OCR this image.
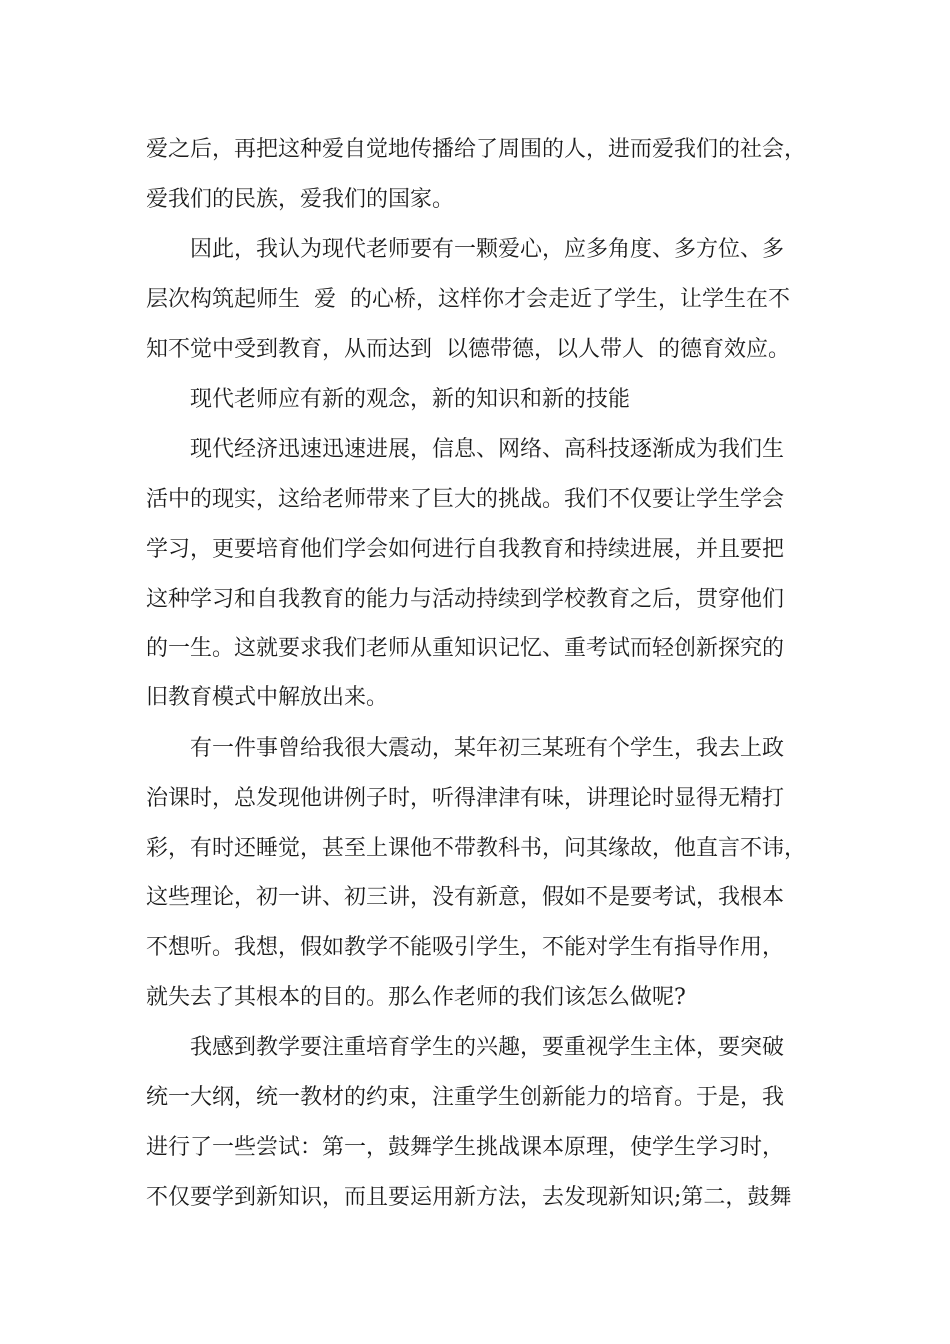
爱之后，再把这种爱自觉地传播给了周围的人，进而爱我们的社会，
爱我们的民族，爱我们的国家。
因此，我认为现代老师要有一颗爱心，应多角度、多方位、多
层次构筑起师生  爱  的心桥，这样你才会走近了学生，让学生在不
知不觉中受到教育，从而达到  以德带德，以人带人  的德育效应。
现代老师应有新的观念，新的知识和新的技能
现代经济迅速迅速进展，信息、网络、高科技逐渐成为我们生
活中的现实，这给老师带来了巨大的挑战。我们不仅要让学生学会
学习，更要培育他们学会如何进行自我教育和持续进展，并且要把
这种学习和自我教育的能力与活动持续到学校教育之后，贯穿他们
的一生。这就要求我们老师从重知识记忆、重考试而轻创新探究的
旧教育模式中解放出来。
有一件事曾给我很大震动，某年初三某班有个学生，我去上政
治课时，总发现他讲例子时，听得津津有味，讲理论时显得无精打
彩，有时还睡觉，甚至上课他不带教科书，问其缘故，他直言不讳，
这些理论，初一讲、初三讲，没有新意，假如不是要考试，我根本
不想听。我想，假如教学不能吸引学生，不能对学生有指导作用，
就失去了其根本的目的。那么作老师的我们该怎么做呢?
我感到教学要注重培育学生的兴趣，要重视学生主体，要突破
统一大纲，统一教材的约束，注重学生创新能力的培育。于是，我
进行了一些尝试：第一，鼓舞学生挑战课本原理，使学生学习时，
不仅要学到新知识，而且要运用新方法，去发现新知识;第二，鼓舞
